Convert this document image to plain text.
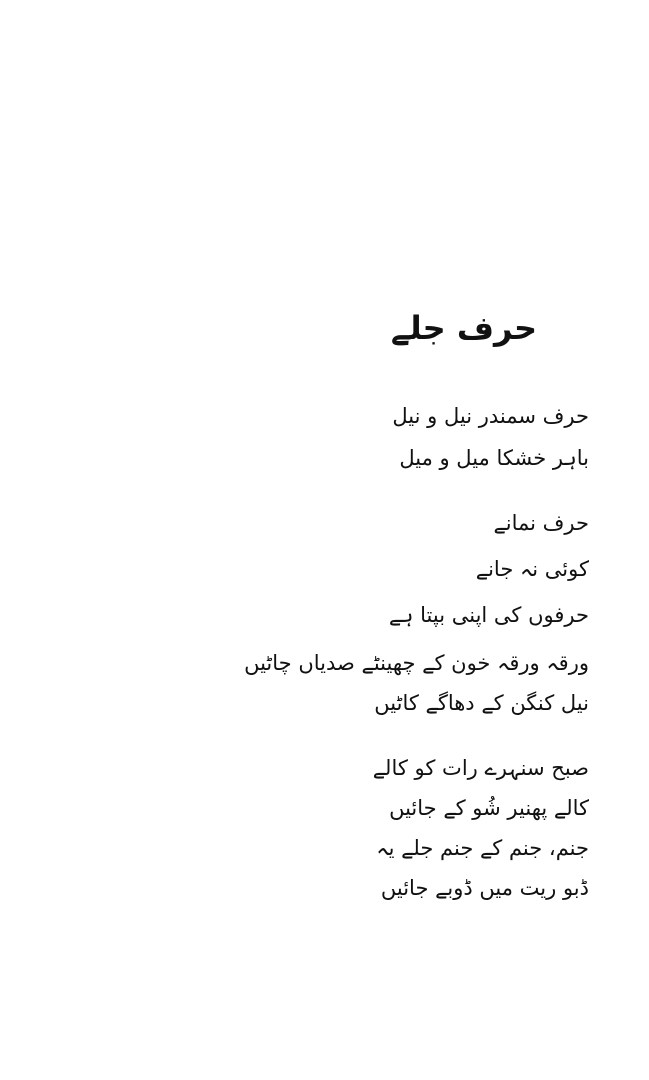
حرف جلے
حرف سمندر نیل و نیل
باہر خشکا میل و میل
حرف نمانے
کوئی نہ جانے
حرفوں کی اپنی بپتا ہے
ورقہ ورقہ خون کے چھینٹے صدیاں چاٹیں
نیل کنگن کے دھاگے کاٹیں
صبح سنہرے رات کو کالے
کالے پھنیر شُو کے جائیں
جنم، جنم کے جنم جلے یہ
ڈبو ریت میں ڈوبے جائیں
